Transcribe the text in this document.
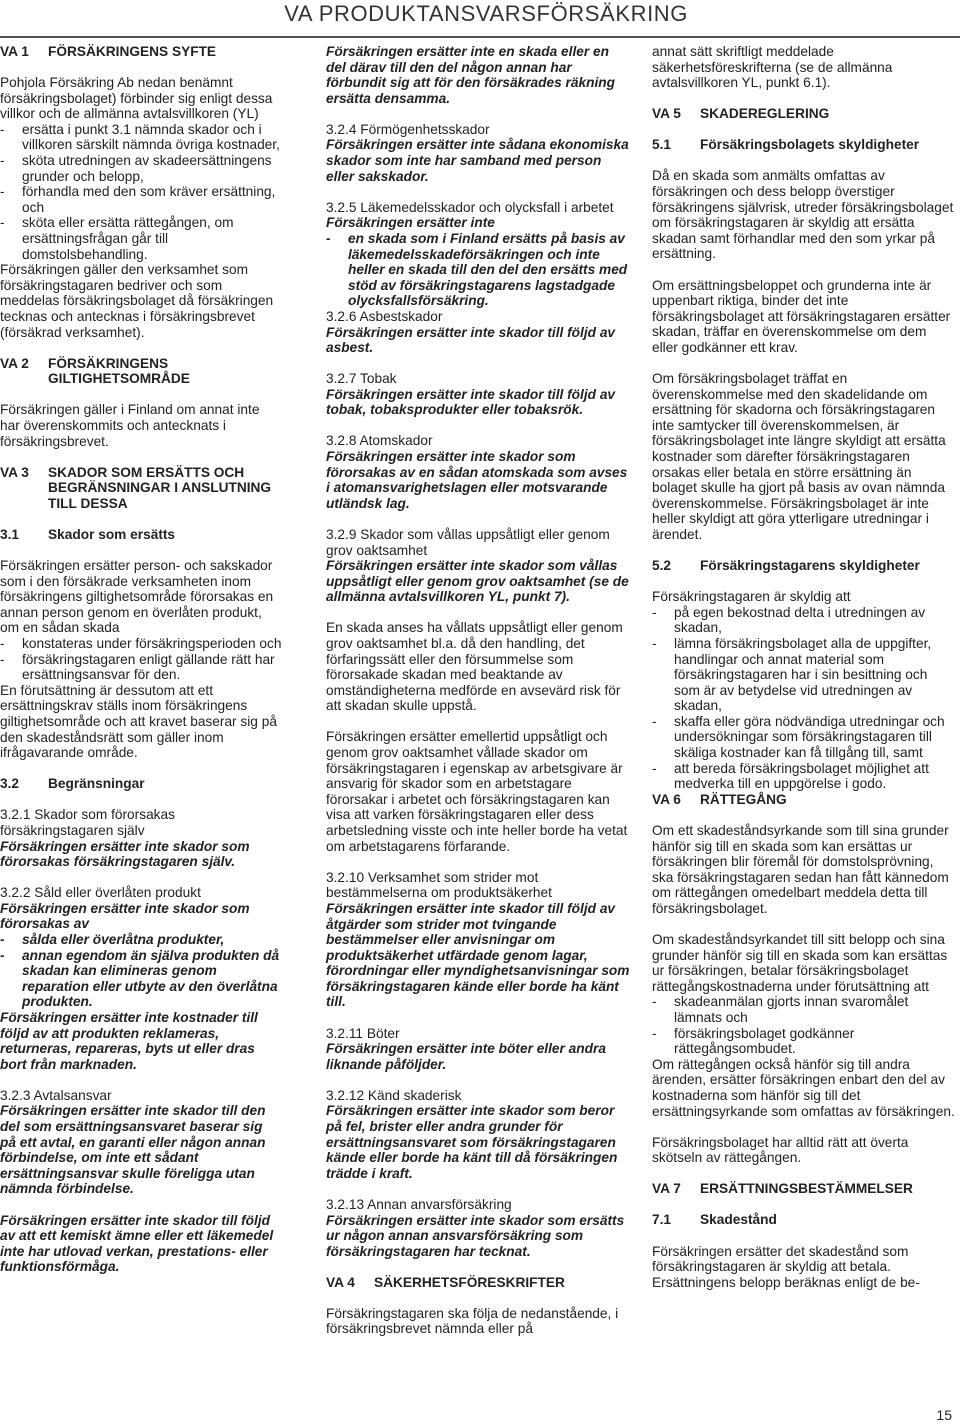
VA PRODUKTANSVARSFÖRSÄKRING
VA 1	FÖRSÄKRINGENS SYFTE
Pohjola Försäkring Ab nedan benämnt försäkringsbolaget) förbinder sig enligt dessa villkor och de allmänna avtalsvillkoren (YL)
- ersätta i punkt 3.1 nämnda skador och i villkoren särskilt nämnda övriga kostnader,
- sköta utredningen av skadeersättningens grunder och belopp,
- förhandla med den som kräver ersättning, och
- sköta eller ersätta rättegången, om ersättningsfrågan går till domstolsbehandling.

Försäkringen gäller den verksamhet som försäkringstagaren bedriver och som meddelas försäkringsbolaget då försäkringen tecknas och antecknas i försäkringsbrevet (försäkrad verksamhet).

VA 2	FÖRSÄKRINGENS GILTIGHETSOMRÅDE

Försäkringen gäller i Finland om annat inte har överenskommits och antecknats i försäkringsbrevet.

VA 3	SKADOR SOM ERSÄTTS OCH BEGRÄNSNINGAR I ANSLUTNING TILL DESSA
3.1	Skador som ersätts
Försäkringen ersätter person- och sakskador som i den försäkrade verksamheten inom försäkringens giltighetsområde förorsakas en annan person genom en överlåten produkt, om en sådan skada
- konstateras under försäkringsperioden och
- försäkringstagaren enligt gällande rätt har ersättningsansvar för den.

En förutsättning är dessutom att ett ersättningskrav ställs inom försäkringens giltighetsområde och att kravet baserar sig på den skadeståndsrätt som gäller inom ifrågavarande område.

3.2	Begränsningar
3.2.1 Skador som förorsakas försäkringstagaren själv

Försäkringen ersätter inte skador som förorsakas försäkringstagaren själv.

3.2.2 Såld eller överlåten produkt
Försäkringen ersätter inte skador som förorsakas av
- sålda eller överlåtna produkter,
- annan egendom än själva produkten då skadan kan elimineras genom reparation eller utbyte av den överlåtna produkten.

Försäkringen ersätter inte kostnader till följd av att produkten reklameras, returneras, repareras, byts ut eller dras bort från marknaden.

3.2.3 Avtalsansvar

Försäkringen ersätter inte skador till den del som ersättningsansvaret baserar sig på ett avtal, en garanti eller någon annan förbindelse, om inte ett sådant ersättningsansvar skulle föreligga utan nämnda förbindelse.

Försäkringen ersätter inte skador till följd av att ett kemiskt ämne eller ett läkemedel inte har utlovad verkan, prestations- eller funktionsförmåga.

Försäkringen ersätter inte en skada eller en del därav till den del någon annan har förbundit sig att för den försäkrades räkning ersätta densamma.

3.2.4 Förmögenhetsskador

Försäkringen ersätter inte sådana ekonomiska skador som inte har samband med person eller sakskador.

3.2.5 Läkemedelsskador och olycksfall i arbetet
Försäkringen ersätter inte
- en skada som i Finland ersätts på basis av läkemedelsskadeförsäkringen och inte heller en skada till den del den ersätts med stöd av försäkringstagarens lagstadgade olycksfallsförsäkring.
3.2.6 Asbestskador

Försäkringen ersätter inte skador till följd av asbest.

3.2.7 Tobak

Försäkringen ersätter inte skador till följd av tobak, tobaksprodukter eller tobaksrök.

3.2.8 Atomskador

Försäkringen ersätter inte skador som förorsakas av en sådan atomskada som avses i atomansvarighetslagen eller motsvarande utländsk lag.

3.2.9 Skador som vållas uppsåtligt eller genom grov oaktsamhet

Försäkringen ersätter inte skador som vållas uppsåtligt eller genom grov oaktsamhet (se de allmänna avtalsvillkoren YL, punkt 7).

En skada anses ha vållats uppsåtligt eller genom grov oaktsamhet bl.a. då den handling, det förfaringssätt eller den försummelse som förorsakade skadan med beaktande av omständigheterna medförde en avsevärd risk för att skadan skulle uppstå.

Försäkringen ersätter emellertid uppsåtligt och genom grov oaktsamhet vållade skador om försäkringstagaren i egenskap av arbetsgivare är ansvarig för skador som en arbetstagare förorsakar i arbetet och försäkringstagaren kan visa att varken försäkringstagaren eller dess arbetsledning visste och inte heller borde ha vetat om arbetstagarens förfarande.

3.2.10 Verksamhet som strider mot bestämmelserna om produktsäkerhet

Försäkringen ersätter inte skador till följd av åtgärder som strider mot tvingande bestämmelser eller anvisningar om produktsäkerhet utfärdade genom lagar, förordningar eller myndighetsanvisningar som försäkringstagaren kände eller borde ha känt till.

3.2.11 Böter

Försäkringen ersätter inte böter eller andra liknande påföljder.

3.2.12 Känd skaderisk

Försäkringen ersätter inte skador som beror på fel, brister eller andra grunder för ersättningsansvaret som försäkringstagaren kände eller borde ha känt till då försäkringen trädde i kraft.

3.2.13 Annan anvarsförsäkring

Försäkringen ersätter inte skador som ersätts ur någon annan ansvarsförsäkring som försäkringstagaren har tecknat.

VA 4	SÄKERHETSFÖRESKRIFTER

Försäkringstagaren ska följa de nedanstående, i försäkringsbrevet nämnda eller på

annat sätt skriftligt meddelade säkerhetsföreskrifterna (se de allmänna avtalsvillkoren YL, punkt 6.1).

VA 5	SKADEREGLERING
5.1	Försäkringsbolagets skyldigheter

Då en skada som anmälts omfattas av försäkringen och dess belopp överstiger försäkringens självrisk, utreder försäkringsbolaget om försäkringstagaren är skyldig att ersätta skadan samt förhandlar med den som yrkar på ersättning.

Om ersättningsbeloppet och grunderna inte är uppenbart riktiga, binder det inte försäkringsbolaget att försäkringstagaren ersätter skadan, träffar en överenskommelse om dem eller godkänner ett krav.

Om försäkringsbolaget träffat en överenskommelse med den skadelidande om ersättning för skadorna och försäkringstagaren inte samtycker till överenskommelsen, är försäkringsbolaget inte längre skyldigt att ersätta kostnader som därefter försäkringstagaren orsakas eller betala en större ersättning än bolaget skulle ha gjort på basis av ovan nämnda överenskommelse. Försäkringsbolaget är inte heller skyldigt att göra ytterligare utredningar i ärendet.

5.2	Försäkringstagarens skyldigheter
Försäkringstagaren är skyldig att
- på egen bekostnad delta i utredningen av skadan,
- lämna försäkringsbolaget alla de uppgifter, handlingar och annat material som försäkringstagaren har i sin besittning och som är av betydelse vid utredningen av skadan,
- skaffa eller göra nödvändiga utredningar och undersökningar som försäkringstagaren till skäliga kostnader kan få tillgång till, samt
- att bereda försäkringsbolaget möjlighet att medverka till en uppgörelse i godo.
VA 6	RÄTTEGÅNG

Om ett skadeståndsyrkande som till sina grunder hänför sig till en skada som kan ersättas ur försäkringen blir föremål för domstolsprövning, ska försäkringstagaren sedan han fått kännedom om rättegången omedelbart meddela detta till försäkringsbolaget.

Om skadeståndsyrkandet till sitt belopp och sina grunder hänför sig till en skada som kan ersättas ur försäkringen, betalar försäkringsbolaget rättegångskostnaderna under förutsättning att
- skadeanmälan gjorts innan svaromålet lämnats och
- försäkringsbolaget godkänner rättegångsombudet.

Om rättegången också hänför sig till andra ärenden, ersätter försäkringen enbart den del av kostnaderna som hänför sig till det ersättningsyrkande som omfattas av försäkringen.

Försäkringsbolaget har alltid rätt att överta skötseln av rättegången.

VA 7	ERSÄTTNINGSBESTÄMMELSER
7.1	Skadestånd

Försäkringen ersätter det skadestånd som försäkringstagaren är skyldig att betala. Ersättningens belopp beräknas enligt de be-

15
